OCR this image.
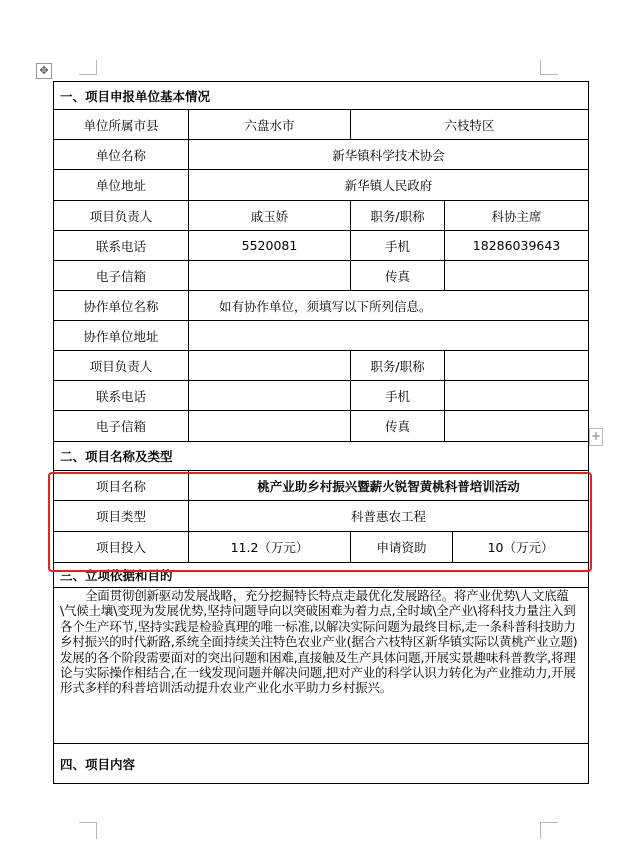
✥
+
一、项目申报单位基本情况				
单位所属市县	六盘水市	六枝特区		
单位名称	新华镇科学技术协会			
单位地址	新华镇人民政府			
项目负责人	戚玉娇	职务/职称	科协主席	
联系电话	5520081	手机	18286039643	
电子信箱		传真		
协作单位名称	如有协作单位，须填写以下所列信息。			
协作单位地址				
项目负责人		职务/职称		
联系电话		手机		
电子信箱		传真		
二、项目名称及类型				
项目名称	桃产业助乡村振兴暨薪火锐智黄桃科普培训活动			
项目类型	科普惠农工程			
项目投入	11.2（万元）	申请资助		10（万元）
三、立项依据和目的				
全面贯彻创新驱动发展战略，充分挖掘特长特点走最优化发展路径。将产业优势\人文底蕴\气候土壤\变现为发展优势,坚持问题导向以突破困难为着力点,全时域\全产业\将科技力量注入到各个生产环节,坚持实践是检验真理的唯一标准,以解决实际问题为最终目标,走一条科普科技助力乡村振兴的时代新路,系统全面持续关注特色农业产业(据合六枝特区新华镇实际以黄桃产业立题)发展的各个阶段需要面对的突出问题和困难,直接触及生产具体问题,开展实景趣味科普教学,将理论与实际操作相结合,在一线发现问题并解决问题,把对产业的科学认识力转化为产业推动力,开展形式多样的科普培训活动提升农业产业化水平助力乡村振兴。				
四、项目内容				
